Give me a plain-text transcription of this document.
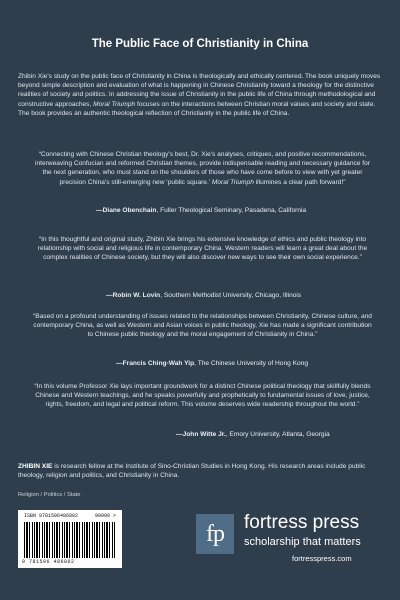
The Public Face of Christianity in China
Zhibin Xie's study on the public face of Christianity in China is theologically and ethically centered. The book uniquely moves beyond simple description and evaluation of what is happening in Chinese Christianity toward a theology for the distinctive realities of society and politics. In addressing the issue of Christianity in the public life of China through methodological and constructive approaches, Moral Triumph focuses on the interactions between Christian moral values and society and state. The book provides an authentic theological reflection of Christianity in the public life of China.
“Connecting with Chinese Christian theology's best, Dr. Xie's analyses, critiques, and positive recommendations, interweaving Confucian and reformed Christian themes, provide indispensable reading and necessary guidance for the next generation, who must stand on the shoulders of those who have come before to view with yet greater precision China's still-emerging new ‘public square.’ Moral Triumph illumines a clear path forward!”
—Diane Obenchain, Fuller Theological Seminary, Pasadena, California
“In this thoughtful and original study, Zhibin Xie brings his extensive knowledge of ethics and public theology into relationship with social and religious life in contemporary China. Western readers will learn a great deal about the complex realities of Chinese society, but they will also discover new ways to see their own social experience.”
—Robin W. Lovin, Southern Methodist University, Chicago, Illinois
“Based on a profound understanding of issues related to the relationships between Christianity, Chinese culture, and contemporary China, as well as Western and Asian voices in public theology, Xie has made a significant contribution to Chinese public theology and the moral engagement of Christianity in China.”
—Francis Ching-Wah Yip, The Chinese University of Hong Kong
“In this volume Professor Xie lays important groundwork for a distinct Chinese political theology that skillfully blends Chinese and Western teachings, and he speaks powerfully and prophetically to fundamental issues of love, justice, rights, freedom, and legal and political reform. This volume deserves wide readership throughout the world.”
—John Witte Jr., Emory University, Atlanta, Georgia
ZHIBIN XIE is research fellow at the Institute of Sino-Christian Studies in Hong Kong. His research areas include public theology, religion and politics, and Christianity in China.
Religion / Politics / State
ISBN 9781506486802	90000 >
9 781506 486802
fp	fortress press
scholarship that matters
fortresspress.com
